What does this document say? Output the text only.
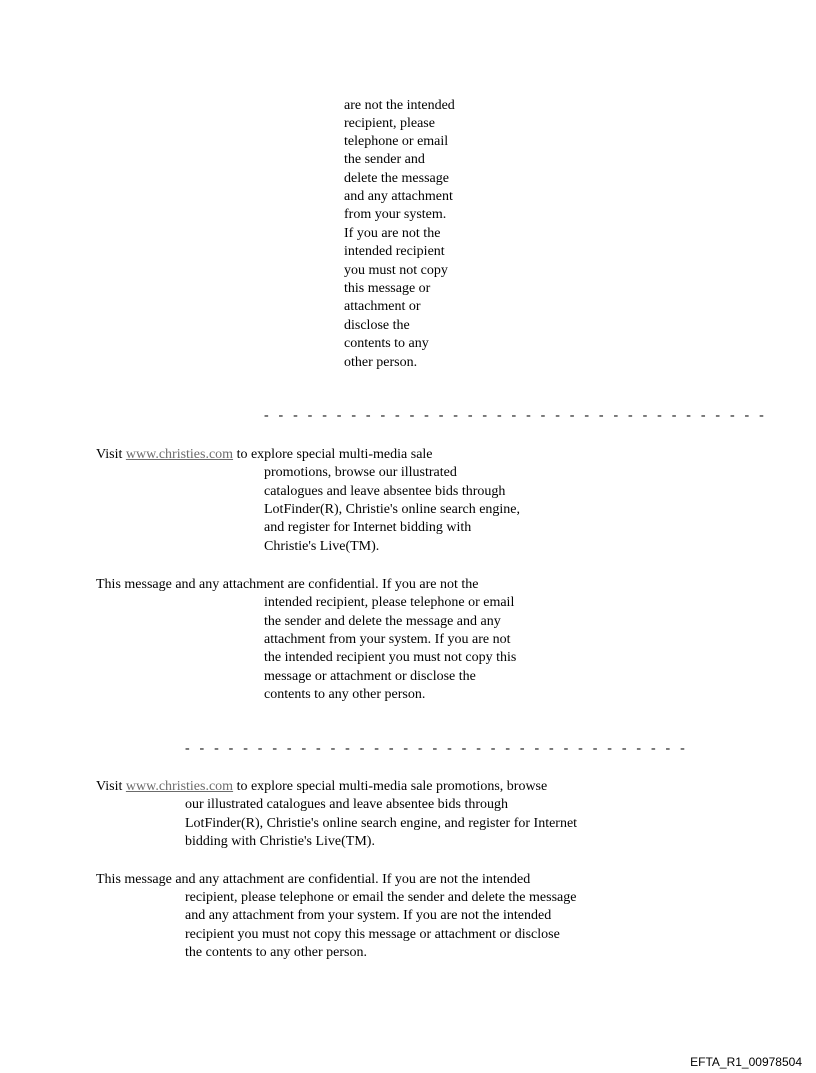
are not the intended
recipient, please
telephone or email
the sender and
delete the message
and any attachment
from your system.
If you are not the
intended recipient
you must not copy
this message or
attachment or
disclose the
contents to any
other person.
- - - - - - - - - - - - - - - - - - - - - - - - - - - - - - - - - - -
Visit www.christies.com to explore special multi-media sale
promotions, browse our illustrated
catalogues and leave absentee bids through
LotFinder(R), Christie's online search engine,
and register for Internet bidding with
Christie's Live(TM).
This message and any attachment are confidential. If you are not the
intended recipient, please telephone or email
the sender and delete the message and any
attachment from your system. If you are not
the intended recipient you must not copy this
message or attachment or disclose the
contents to any other person.
- - - - - - - - - - - - - - - - - - - - - - - - - - - - - - - - - - -
Visit www.christies.com to explore special multi-media sale promotions, browse
our illustrated catalogues and leave absentee bids through
LotFinder(R), Christie's online search engine, and register for Internet
bidding with Christie's Live(TM).
This message and any attachment are confidential. If you are not the intended
recipient, please telephone or email the sender and delete the message
and any attachment from your system. If you are not the intended
recipient you must not copy this message or attachment or disclose
the contents to any other person.
EFTA_R1_00978504
